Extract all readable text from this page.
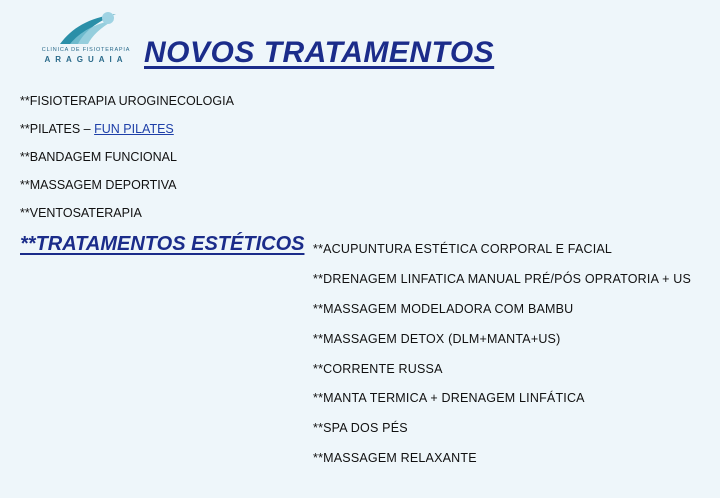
CLINICA DE FISIOTERAPIA
ARAGUAIA NOVOS TRATAMENTOS
**FISIOTERAPIA UROGINECOLOGIA
**PILATES – FUN PILATES
**BANDAGEM FUNCIONAL
**MASSAGEM DEPORTIVA
**VENTOSATERAPIA
**TRATAMENTOS ESTÉTICOS **ACUPUNTURA ESTÉTICA CORPORAL E FACIAL
**DRENAGEM LINFATICA MANUAL PRÉ/PÓS OPRATORIA + US
**MASSAGEM MODELADORA COM BAMBU
**MASSAGEM DETOX (DLM+MANTA+US)
**CORRENTE RUSSA
**MANTA TERMICA + DRENAGEM LINFÁTICA
**SPA DOS PÉS
**MASSAGEM RELAXANTE
